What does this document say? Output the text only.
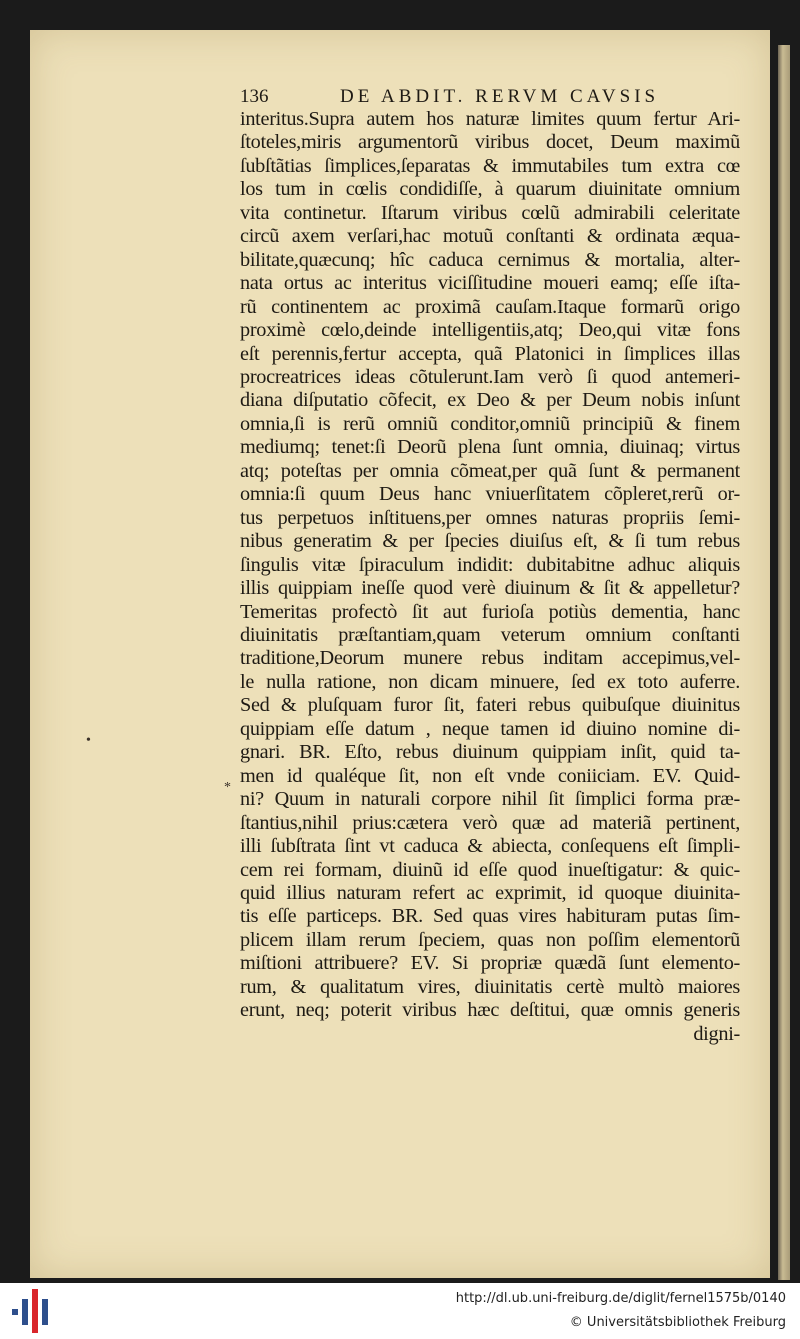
136	DE ABDIT. RERVM CAVSIS
interitus.Supra autem hos naturæ limites quum fertur Ari-
ſtoteles,miris argumentorũ viribus docet, Deum maximũ
ſubſtãtias ſimplices,ſeparatas & immutabiles tum extra cœ
los tum in cœlis condidiſſe, à quarum diuinitate omnium
vita continetur. Iſtarum viribus cœlũ admirabili celeritate
circũ axem verſari,hac motuũ conſtanti & ordinata æqua-
bilitate,quæcunq; hîc caduca cernimus & mortalia, alter-
nata ortus ac interitus viciſſitudine moueri eamq; eſſe iſta-
rũ continentem ac proximã cauſam.Itaque formarũ origo
proximè cœlo,deinde intelligentiis,atq; Deo,qui vitæ fons
eſt perennis,fertur accepta, quã Platonici in ſimplices illas
procreatrices ideas cõtulerunt.Iam verò ſi quod antemeri-
diana diſputatio cõfecit, ex Deo & per Deum nobis inſunt
omnia,ſi is rerũ omniũ conditor,omniũ principiũ & finem
mediumq; tenet:ſi Deorũ plena ſunt omnia, diuinaq; virtus
atq; poteſtas per omnia cõmeat,per quã ſunt & permanent
omnia:ſi quum Deus hanc vniuerſitatem cõpleret,rerũ or-
tus perpetuos inſtituens,per omnes naturas propriis ſemi-
nibus generatim & per ſpecies diuiſus eſt, & ſi tum rebus
ſingulis vitæ ſpiraculum indidit: dubitabitne adhuc aliquis
illis quippiam ineſſe quod verè diuinum & ſit & appelletur?
Temeritas profectò ſit aut furioſa potiùs dementia, hanc
diuinitatis præſtantiam,quam veterum omnium conſtanti
traditione,Deorum munere rebus inditam accepimus,vel-
le nulla ratione, non dicam minuere, ſed ex toto auferre.
Sed & pluſquam furor ſit, fateri rebus quibuſque diuinitus
quippiam eſſe datum , neque tamen id diuino nomine di-
gnari. BR. Eſto, rebus diuinum quippiam inſit, quid ta-
men id qualéque ſit, non eſt vnde coniiciam. EV. Quid-
ni? Quum in naturali corpore nihil ſit ſimplici forma præ-
ſtantius,nihil prius:cætera verò quæ ad materiã pertinent,
illi ſubſtrata ſint vt caduca & abiecta, conſequens eſt ſimpli-
cem rei formam, diuinũ id eſſe quod inueſtigatur: & quic-
quid illius naturam refert ac exprimit, id quoque diuinita-
tis eſſe particeps. BR. Sed quas vires habituram putas ſim-
plicem illam rerum ſpeciem, quas non poſſim elementorũ
miſtioni attribuere? EV. Si propriæ quædã ſunt elemento-
rum, & qualitatum vires, diuinitatis certè multò maiores
erunt, neq; poterit viribus hæc deſtitui, quæ omnis generis
digni-
•
*
http://dl.ub.uni-freiburg.de/diglit/fernel1575b/0140
© Universitätsbibliothek Freiburg
